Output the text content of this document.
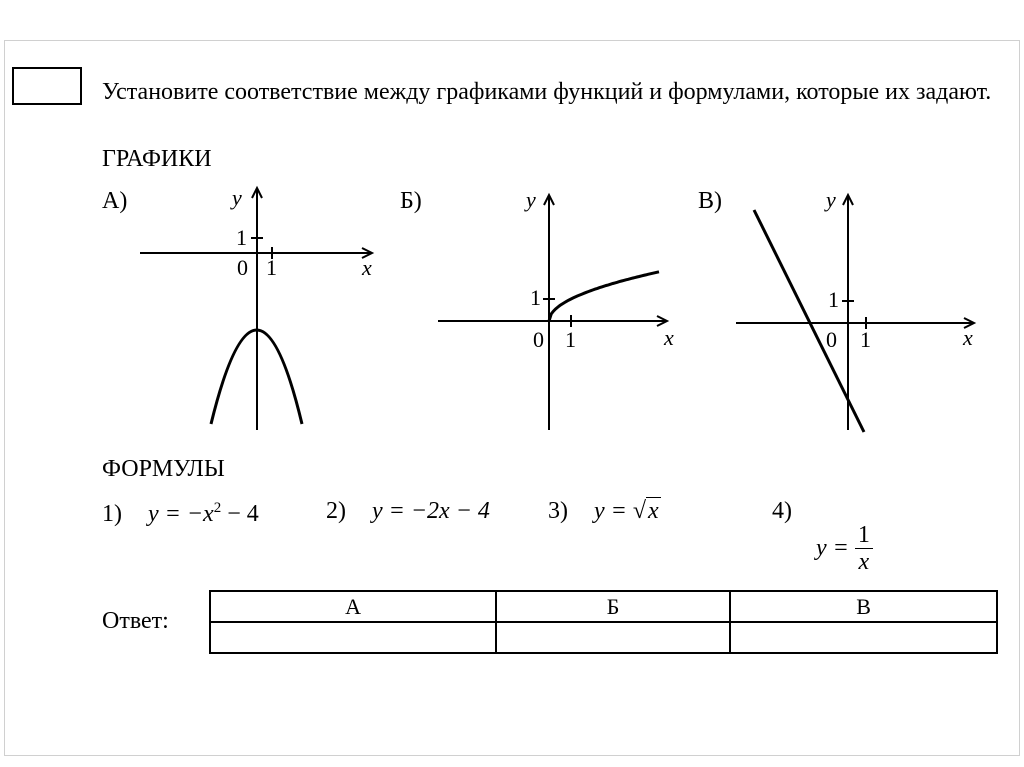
Установите соответствие между графиками функций и формулами, которые их задают.

ГРАФИКИ
А)	Б)	В)
1
0 1	x
y
1
0 1	x
y
1
0 1	x
y
ФОРМУЛЫ
1) $y = -x^2 - 4$	2) y = −2x − 4 3) y = √x	4)
$y = \frac{1}{x}$
Ответ:
А	Б	В
